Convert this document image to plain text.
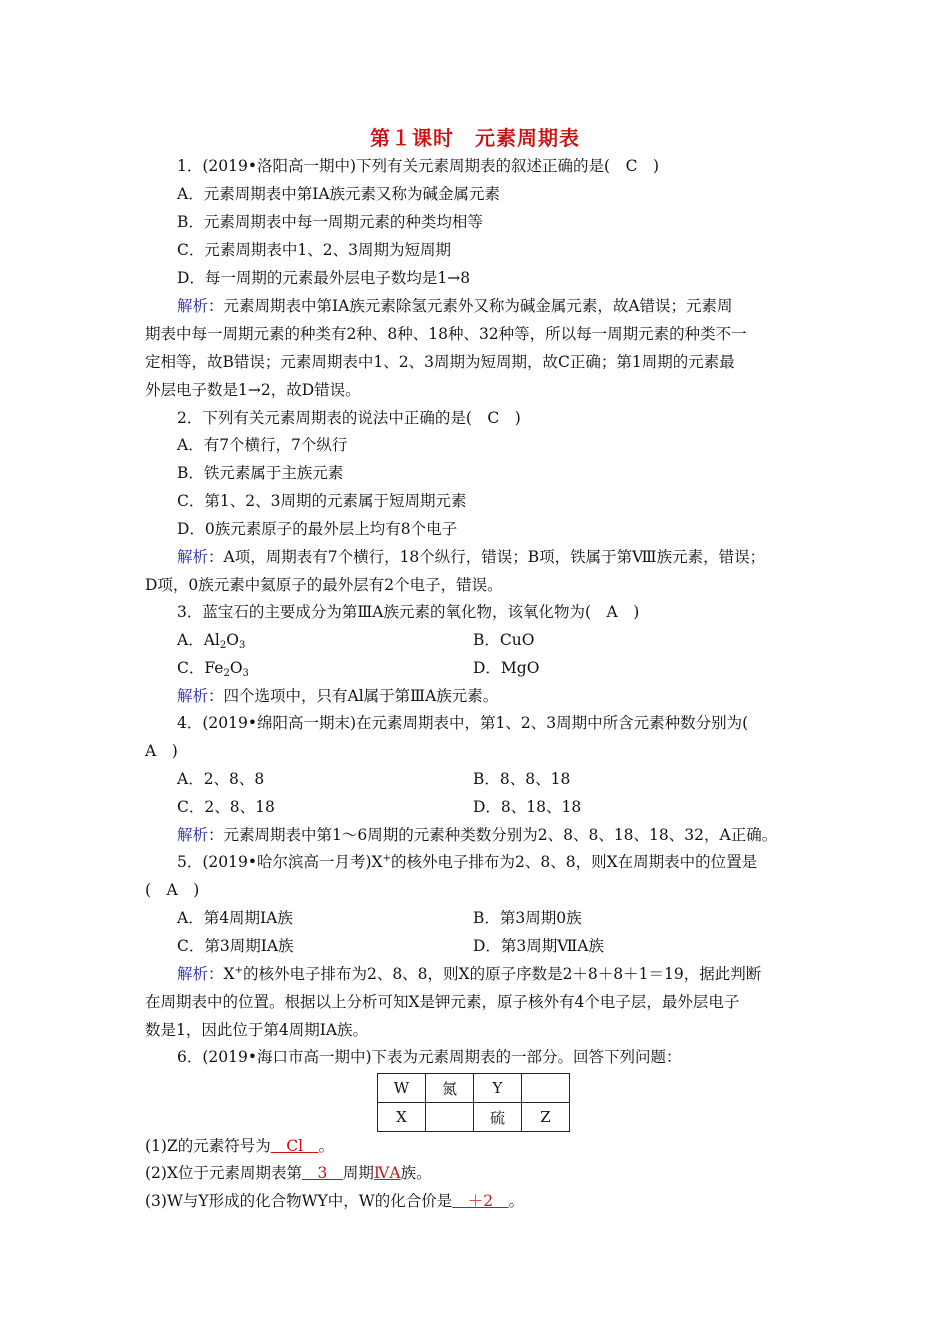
第１课时　元素周期表
1．(2019•洛阳高一期中)下列有关元素周期表的叙述正确的是(　C　)
A．元素周期表中第ⅠA族元素又称为碱金属元素
B．元素周期表中每一周期元素的种类均相等
C．元素周期表中1、2、3周期为短周期
D．每一周期的元素最外层电子数均是1→8
解析：元素周期表中第ⅠA族元素除氢元素外又称为碱金属元素，故A错误；元素周
期表中每一周期元素的种类有2种、8种、18种、32种等，所以每一周期元素的种类不一
定相等，故B错误；元素周期表中1、2、3周期为短周期，故C正确；第1周期的元素最
外层电子数是1→2，故D错误。
2．下列有关元素周期表的说法中正确的是(　C　)
A．有7个横行，7个纵行
B．铁元素属于主族元素
C．第1、2、3周期的元素属于短周期元素
D．0族元素原子的最外层上均有8个电子
解析：A项，周期表有7个横行，18个纵行，错误；B项，铁属于第Ⅷ族元素，错误；
D项，0族元素中氦原子的最外层有2个电子，错误。
3．蓝宝石的主要成分为第ⅢA族元素的氧化物，该氧化物为(　A　)
A．$Al_2O_3$	B．CuO
C．$Fe_2O_3$	D．MgO
解析：四个选项中，只有Al属于第ⅢA族元素。
4．(2019•绵阳高一期末)在元素周期表中，第1、2、3周期中所含元素种数分别为(
A　)
A．2、8、8	B．8、8、18
C．2、8、18	D．8、18、18
解析：元素周期表中第1～6周期的元素种类数分别为2、8、8、18、18、32，A正确。
5．(2019•哈尔滨高一月考)X+的核外电子排布为2、8、8，则X在周期表中的位置是
(　A　)
A．第4周期ⅠA族	B．第3周期0族
C．第3周期ⅠA族	D．第3周期ⅦA族
解析：X+的核外电子排布为2、8、8，则X的原子序数是2＋8＋8＋1＝19，据此判断
在周期表中的位置。根据以上分析可知X是钾元素，原子核外有4个电子层，最外层电子
数是1，因此位于第4周期ⅠA族。
6．(2019•海口市高一期中)下表为元素周期表的一部分。回答下列问题：
W	氮	Y	
X		硫	Z
(1)Z的元素符号为　Cl　。
(2)X位于元素周期表第　3　周期ⅣA族。
(3)W与Y形成的化合物WY中，W的化合价是　＋2　。
